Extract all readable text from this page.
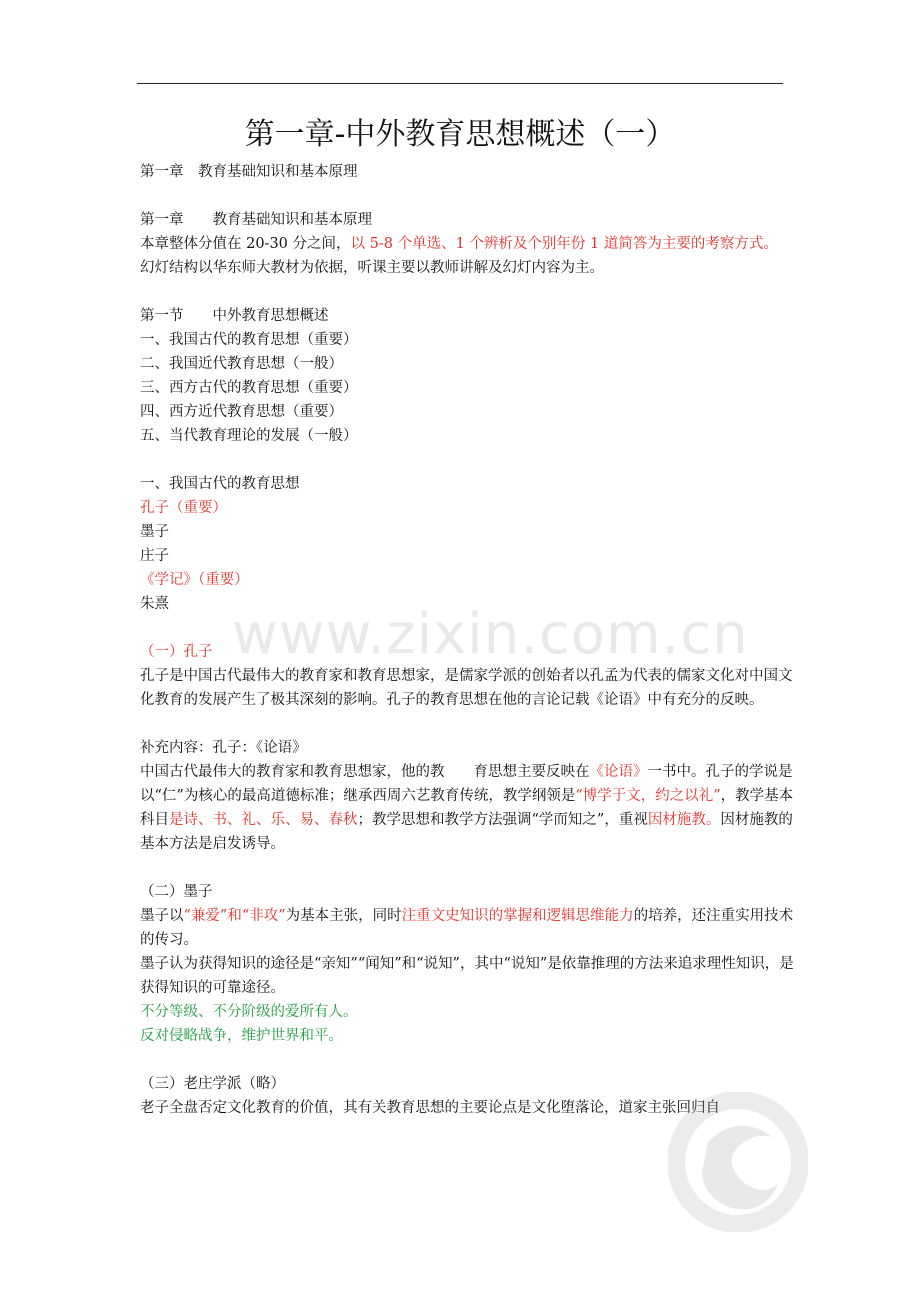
第一章-中外教育思想概述（一）

第一章　教育基础知识和基本原理

第一章　　教育基础知识和基本原理

本章整体分值在 20-30 分之间，以 5-8 个单选、1 个辨析及个别年份 1 道简答为主要的考察方式。

幻灯结构以华东师大教材为依据，听课主要以教师讲解及幻灯内容为主。

第一节　　中外教育思想概述

一、我国古代的教育思想（重要）

二、我国近代教育思想（一般）

三、西方古代的教育思想（重要）

四、西方近代教育思想（重要）

五、当代教育理论的发展（一般）

一、我国古代的教育思想

孔子（重要）

墨子

庄子

《学记》（重要）

朱熹

（一）孔子

孔子是中国古代最伟大的教育家和教育思想家，是儒家学派的创始者以孔孟为代表的儒家文化对中国文化教育的发展产生了极其深刻的影响。孔子的教育思想在他的言论记载《论语》中有充分的反映。

补充内容：孔子：《论语》

中国古代最伟大的教育家和教育思想家，他的教　　育思想主要反映在《论语》一书中。孔子的学说是　　以“仁”为核心的最高道德标准；继承西周六艺教育传统，教学纲领是“博学于文，约之以礼”，教学基本科目是诗、书、礼、乐、易、春秋；教学思想和教学方法强调“学而知之”，重视因材施教。因材施教的基本方法是启发诱导。

（二）墨子

墨子以“兼爱”和“非攻”为基本主张，同时注重文史知识的掌握和逻辑思维能力的培养，还注重实用技术的传习。

墨子认为获得知识的途径是“亲知”“闻知”和“说知”，其中“说知”是依靠推理的方法来追求理性知识，是获得知识的可靠途径。

不分等级、不分阶级的爱所有人。

反对侵略战争，维护世界和平。

（三）老庄学派（略）

老子全盘否定文化教育的价值，其有关教育思想的主要论点是文化堕落论，道家主张回归自

www.zixin.com.cn
